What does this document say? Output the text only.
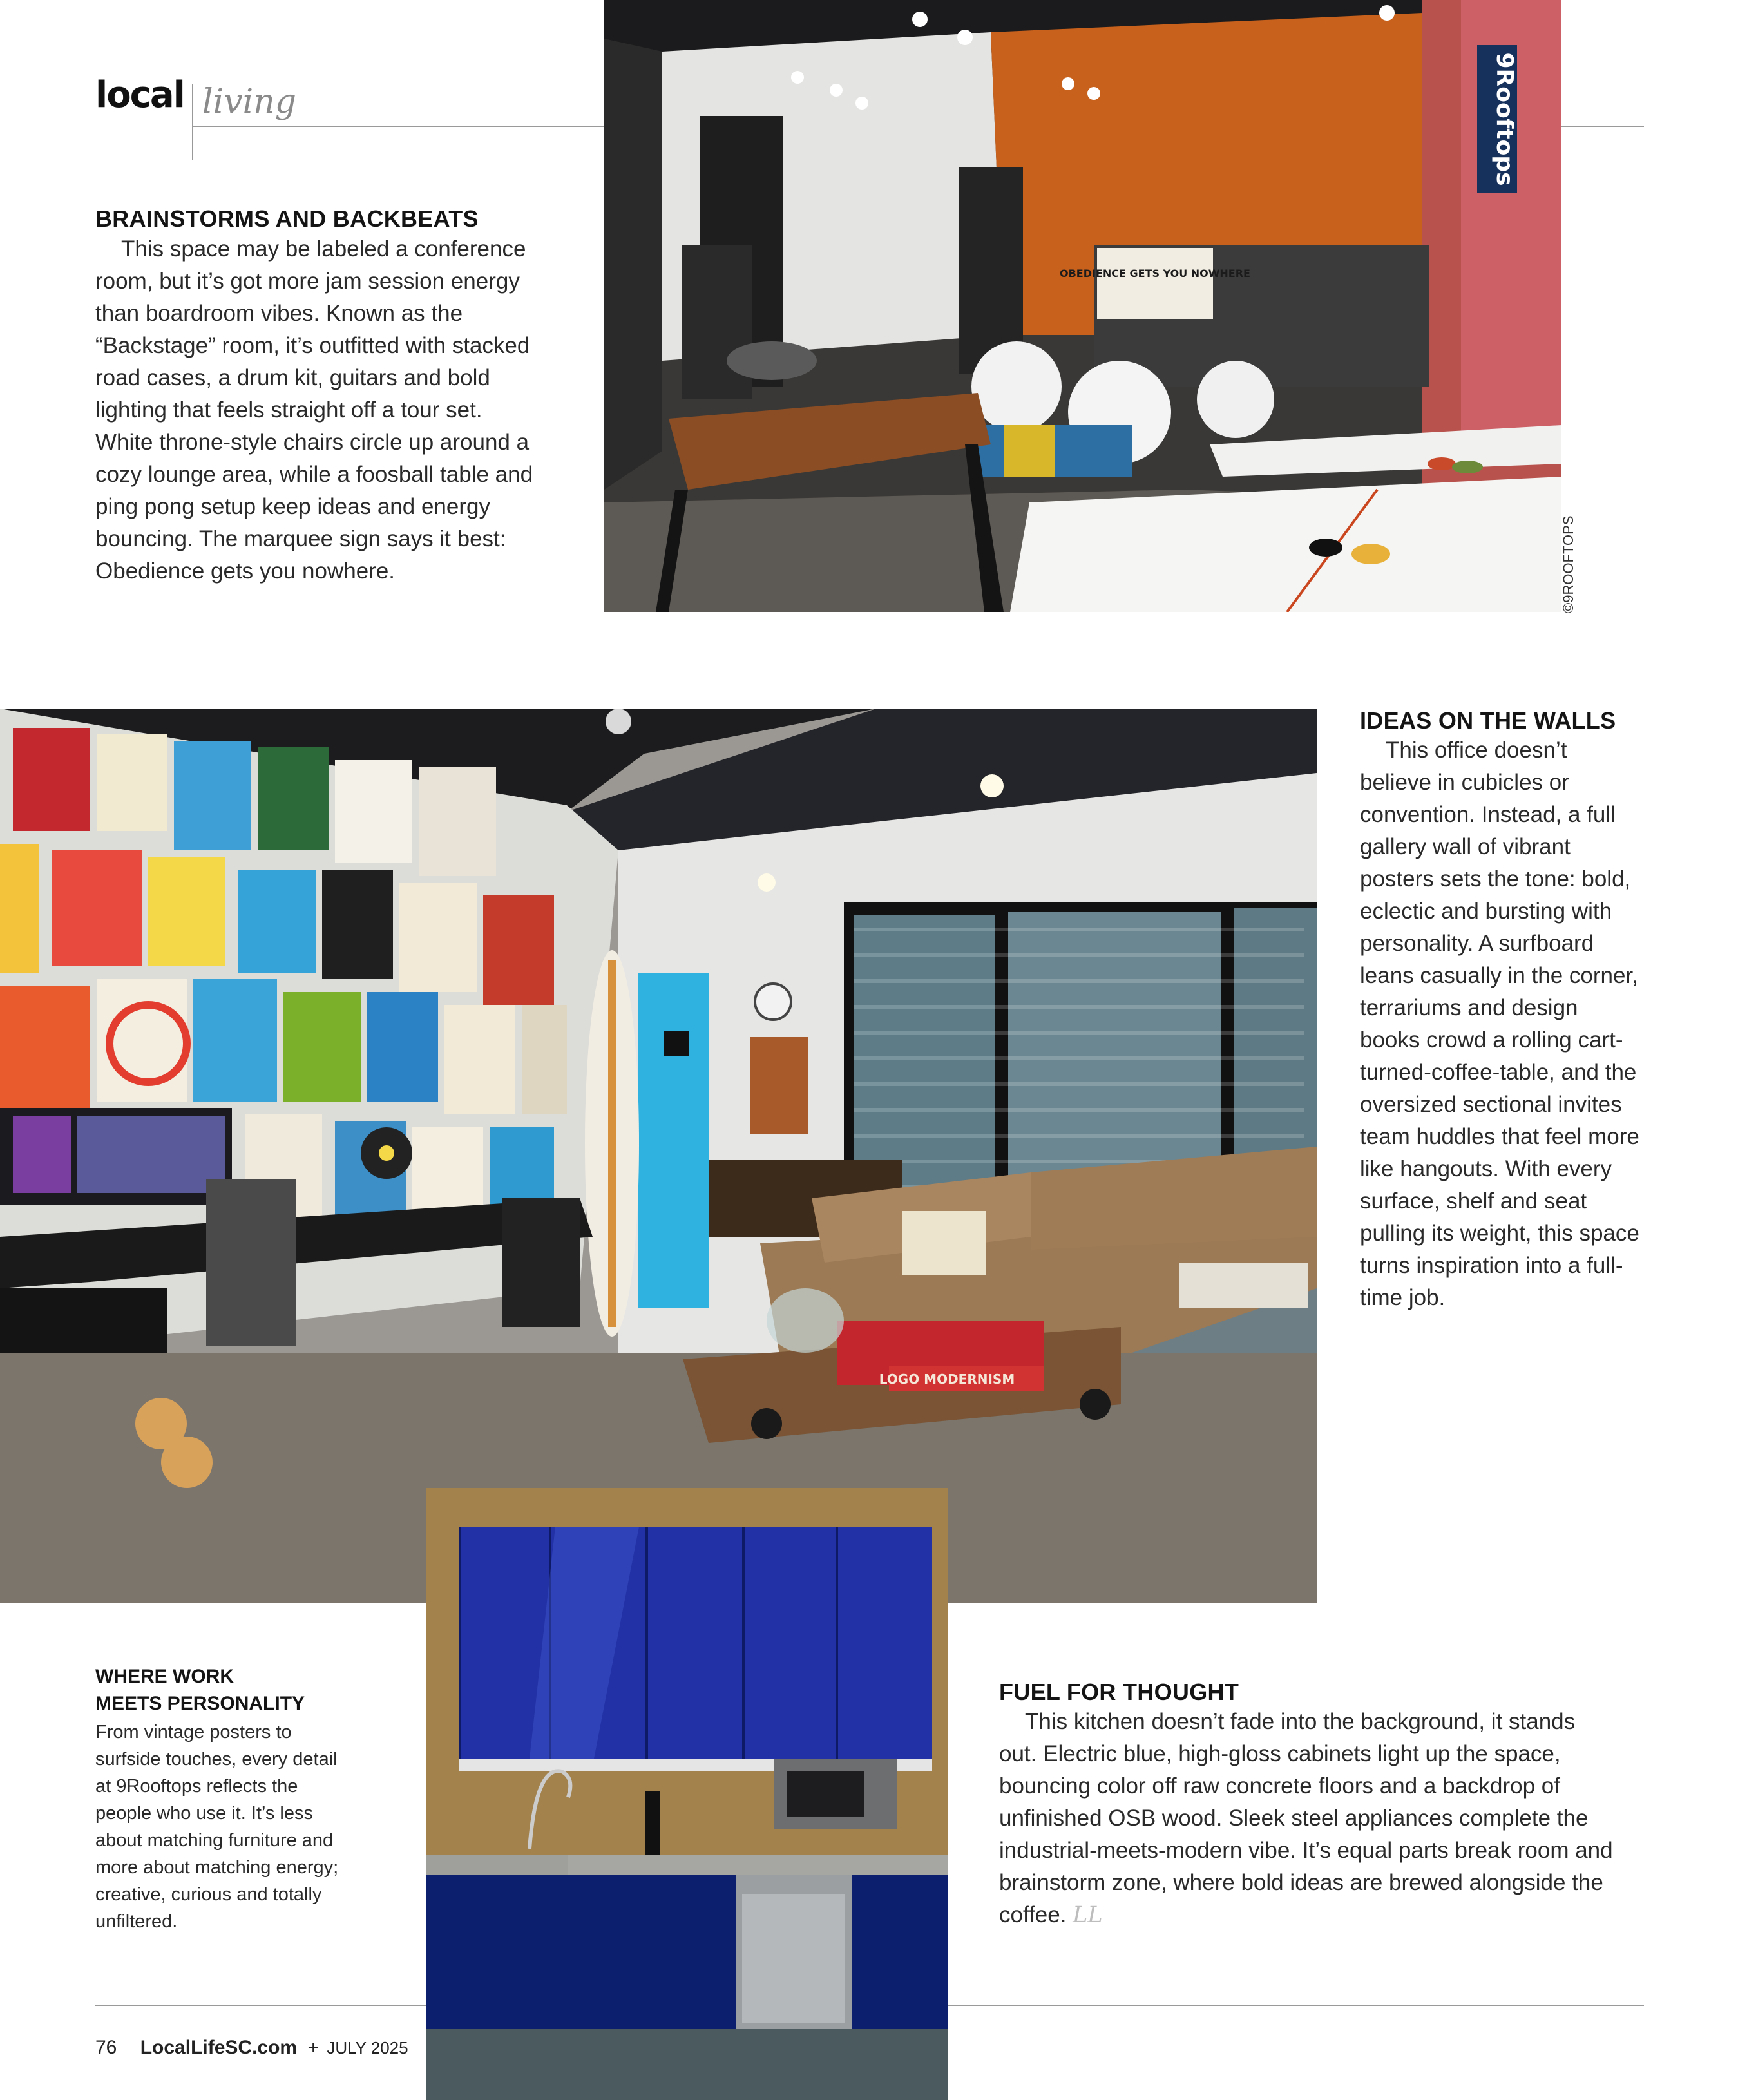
local living
BRAINSTORMS AND BACKBEATS

This space may be labeled a conference room, but it’s got more jam session energy than boardroom vibes. Known as the “Backstage” room, it’s outfitted with stacked road cases, a drum kit, guitars and bold lighting that feels straight off a tour set. White throne-style chairs circle up around a cozy lounge area, while a foosball table and ping pong setup keep ideas and energy bouncing. The marquee sign says it best: Obedience gets you nowhere.

9Rooftops
OBEDIENCE GETS YOU NOWHERE
©9ROOFTOPS
LOGO MODERNISM
IDEAS ON THE WALLS

This office doesn’t believe in cubicles or convention. Instead, a full gallery wall of vibrant posters sets the tone: bold, eclectic and bursting with personality. A surfboard leans casually in the corner, terrariums and design books crowd a rolling cart-turned-coffee-table, and the oversized sectional invites team huddles that feel more like hangouts. With every surface, shelf and seat pulling its weight, this space turns inspiration into a full-time job.

WHERE WORK
MEETS PERSONALITY
From vintage posters to surfside touches, every detail at 9Rooftops reflects the people who use it. It’s less about matching furniture and more about matching energy; creative, curious and totally unfiltered.
FUEL FOR THOUGHT

This kitchen doesn’t fade into the background, it stands out. Electric blue, high-gloss cabinets light up the space, bouncing color off raw concrete floors and a backdrop of unfinished OSB wood. Sleek steel appliances complete the industrial-meets-modern vibe. It’s equal parts break room and brainstorm zone, where bold ideas are brewed alongside the coffee. LL

76 LocalLifeSC.com + JULY 2025
